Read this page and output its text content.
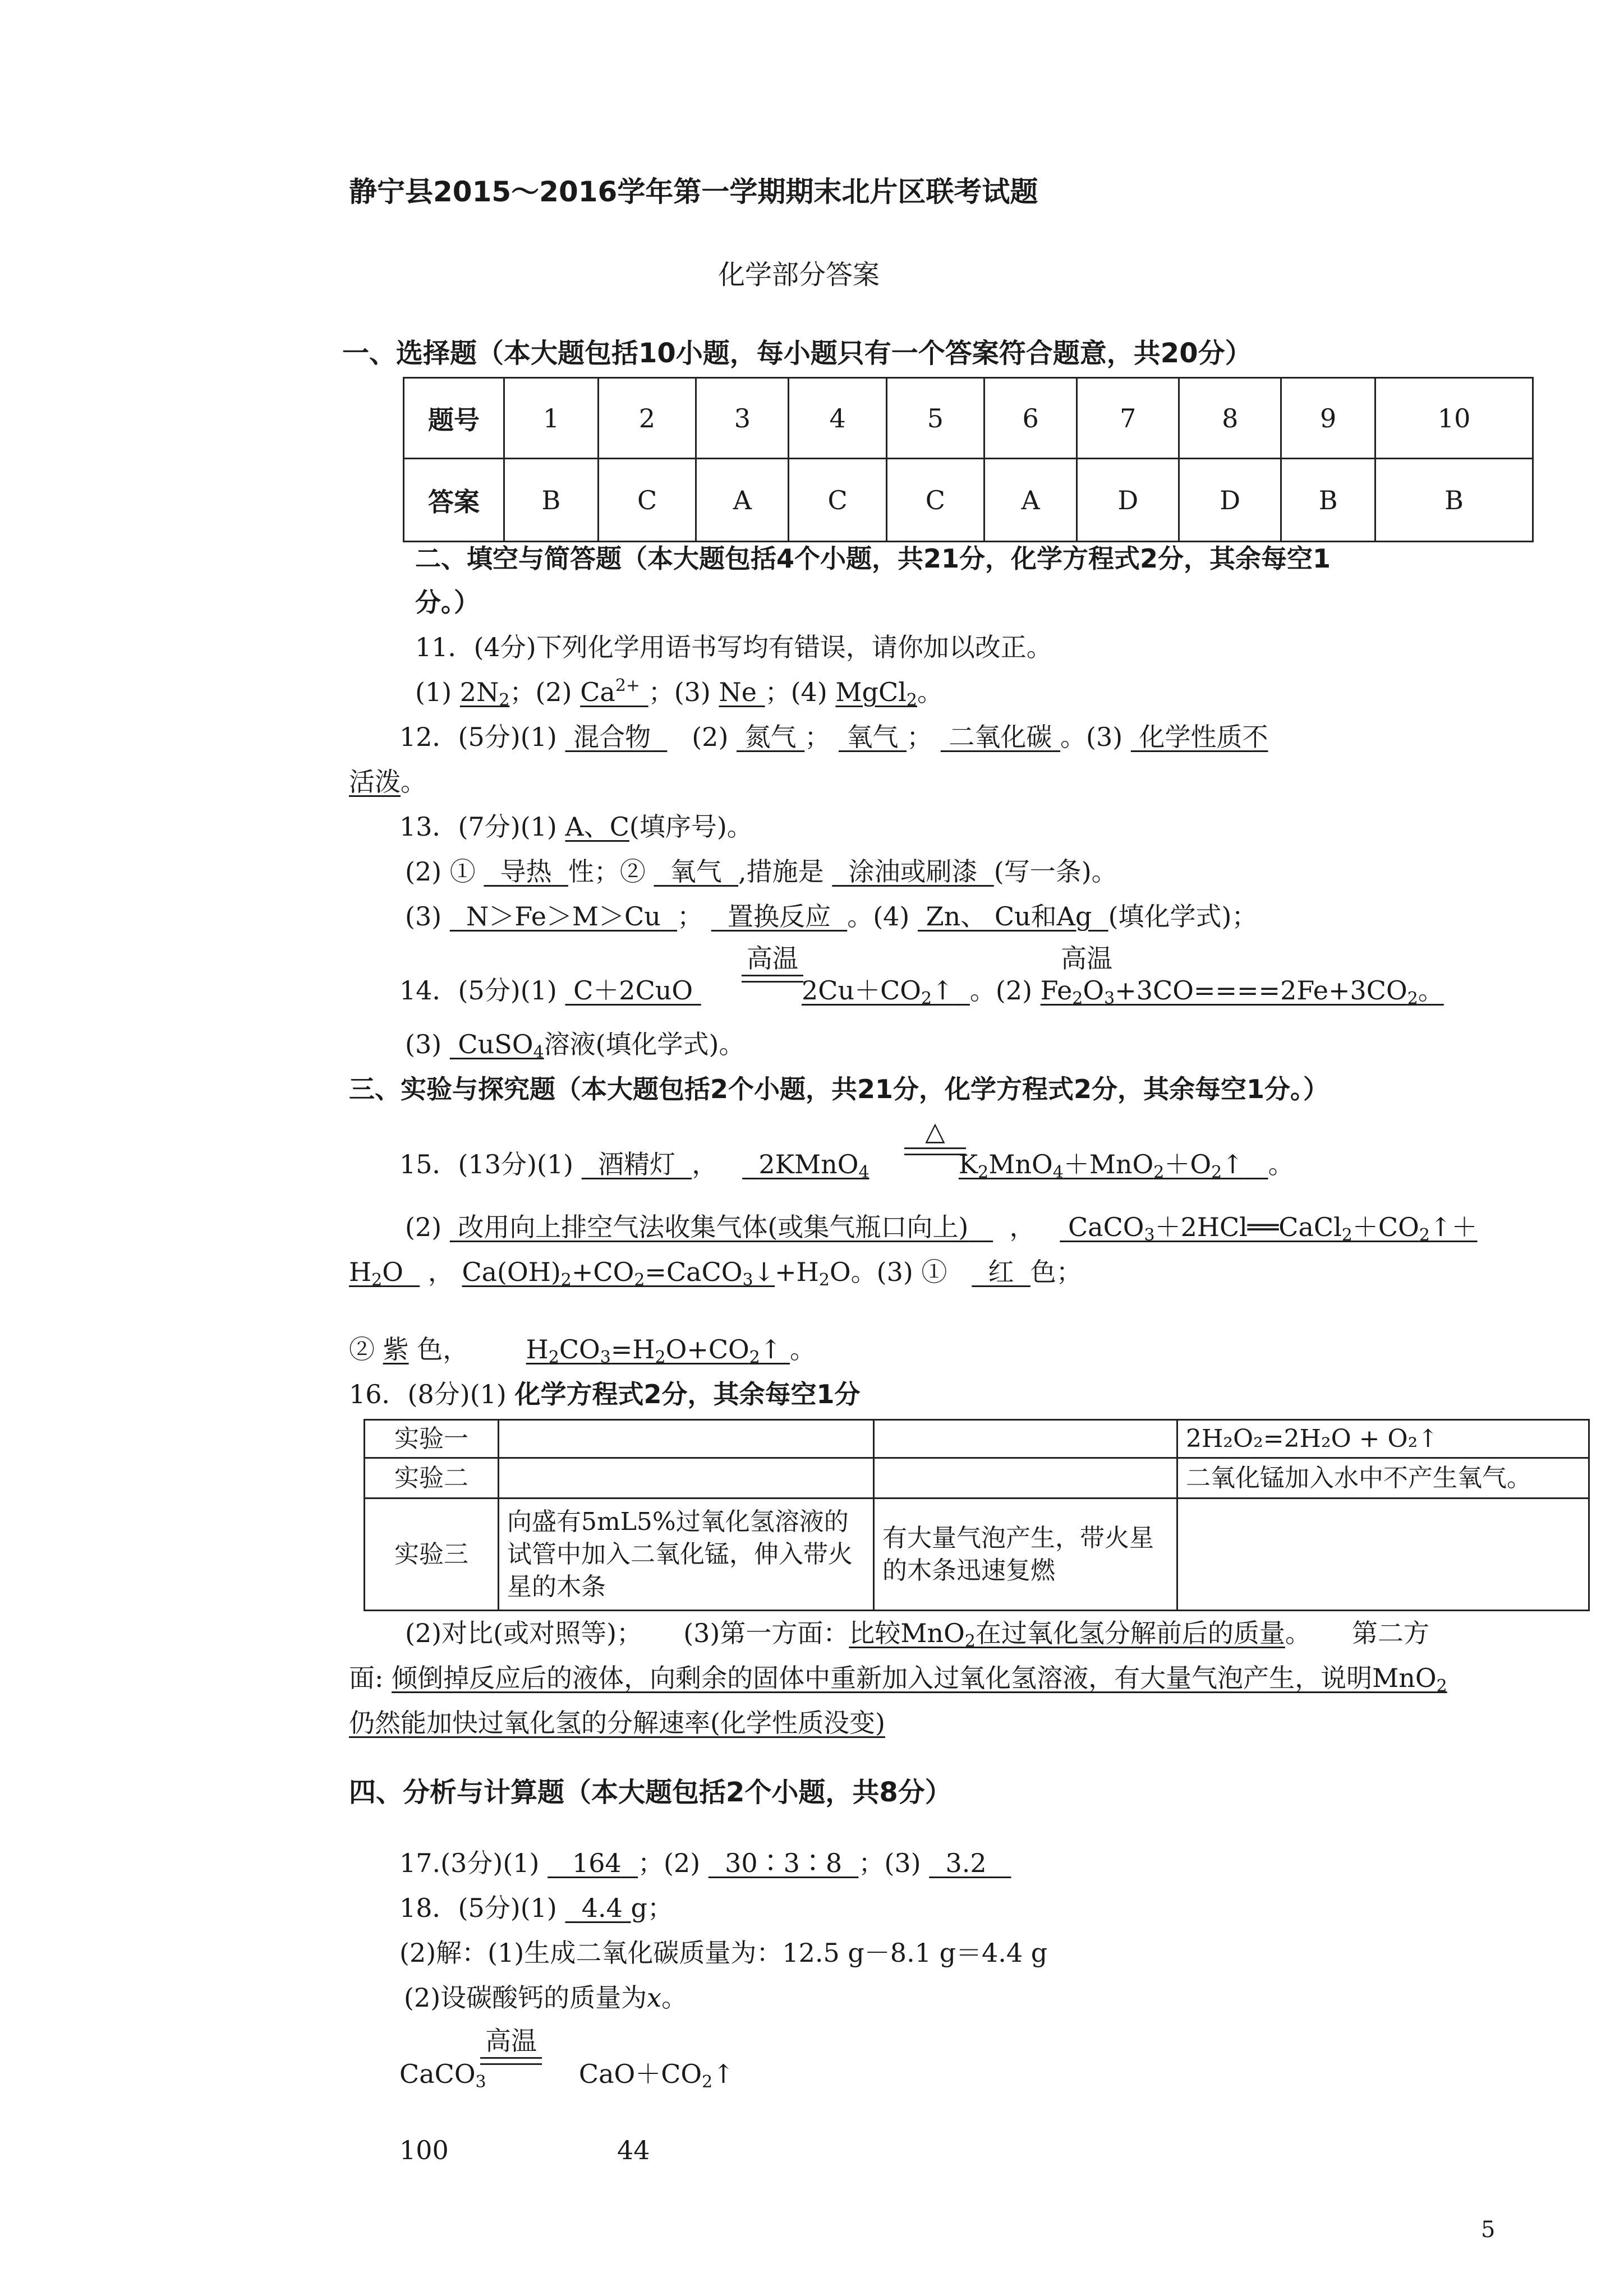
静宁县2015～2016学年第一学期期末北片区联考试题
化学部分答案
一、选择题（本大题包括10小题，每小题只有一个答案符合题意，共20分）
题号	1	2	3	4	5	6	7	8	9	10
答案	B	C	A	C	C	A	D	D	B	B
二、填空与简答题（本大题包括4个小题，共21分，化学方程式2分，其余每空1
分。）
11．(4分)下列化学用语书写均有错误，请你加以改正。
(1) $2N_2$；(2) $Ca^{2+}$ ；(3) Ne ；(4) MgCl$_2$。
12．(5分)(1) 混合物 (2) 氮气 ； 氧气 ； 二氧化碳 。(3) 化学性质不
活泼。
13．(7分)(1) A、C(填序号)。
(2) ① 导热 性；② 氧气 ,措施是 涂油或刷漆 (写一条)。
(3) N＞Fe＞M＞Cu ； 置换反应 。(4) Zn、 Cu和Ag (填化学式)；
高温	高温
14．(5分)(1) C＋2CuO	$2Cu+CO_2↑$ 。(2) $Fe_2O_3+3CO====2Fe+3CO_2$。
(3) CuSO$_4$溶液(填化学式)。
三、实验与探究题（本大题包括2个小题，共21分，化学方程式2分，其余每空1分。）
△
15．(13分)(1) 酒精灯 ， 2KMnO$_4$	$K_2MnO_4+MnO_2+O_2↑$ 。
(2) 改用向上排空气法收集气体(或集气瓶口向上) ， $CaCO_3+2HCl══CaCl_2+CO_2↑+$
$H_2O$ ， $Ca(OH)_2+CO_2=CaCO_3↓+H_2O$。(3) ① 红 色；
② 紫 色， $H_2CO_3=H_2O+CO_2↑$ 。
16．(8分)(1) 化学方程式2分，其余每空1分
实验一			2H₂O₂=2H₂O + O₂↑
实验二			二氧化锰加入水中不产生氧气。
实验三	向盛有5mL5%过氧化氢溶液的试管中加入二氧化锰，伸入带火星的木条	有大量气泡产生，带火星的木条迅速复燃	
(2)对比(或对照等)； (3)第一方面：比较MnO$_2$在过氧化氢分解前后的质量。 第二方
面: 倾倒掉反应后的液体，向剩余的固体中重新加入过氧化氢溶液，有大量气泡产生，说明MnO$_2$
仍然能加快过氧化氢的分解速率(化学性质没变)
四、分析与计算题（本大题包括2个小题，共8分）
17.(3分)(1) 164 ；(2) 30∶3∶8 ；(3) 3.2
18．(5分)(1) 4.4 g；
(2)解：(1)生成二氧化碳质量为：12.5 g－8.1 g＝4.4 g
(2)设碳酸钙的质量为x。
高温
CaCO$_3$	$CaO+CO_2↑$
100	44
5
